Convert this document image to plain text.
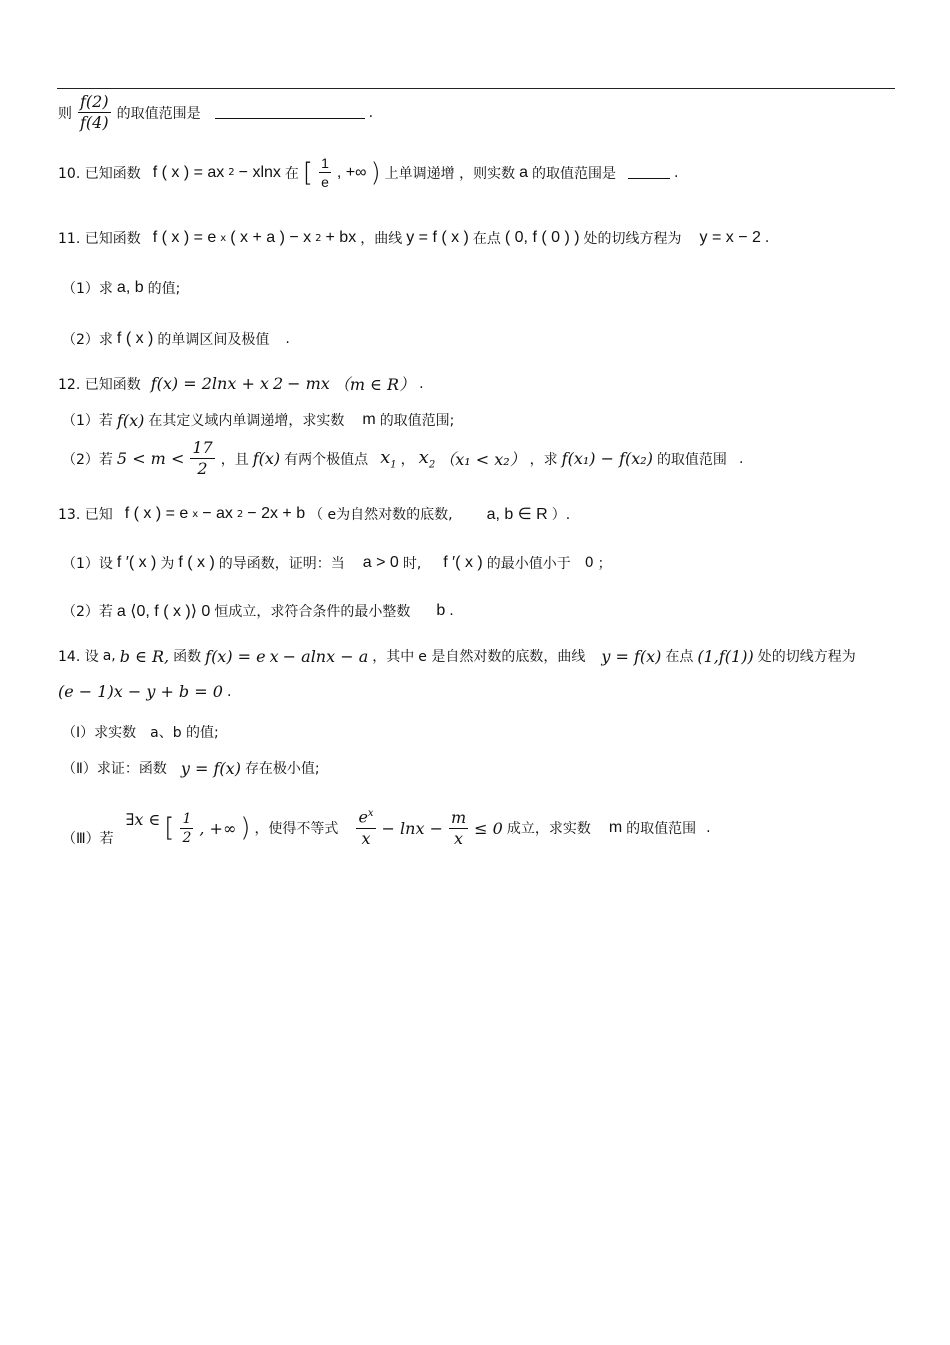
则 $\frac{f(2)}{f(4)}$ 的取值范围是	.
10. 已知函数 f ( x ) = ax 2 − xlnx 在 [ $\frac{1}{e}$ , +∞ ) 上单调递增 ，则实数 a 的取值范围是	.
11. 已知函数 f ( x ) = e x ( x + a ) − x 2 + bx ，曲线 y = f ( x ) 在点 ( 0, f ( 0 ) ) 处的切线方程为 y = x − 2 .
（1）求 a, b 的值;
（2）求 f ( x ) 的单调区间及极值 .
12. 已知函数 f(x) = 2lnx + x 2 − mx （m ∈ R） .
（1）若 f(x) 在其定义域内单调递增，求实数 m 的取值范围;
（2）若 $5 < m < \frac{17}{2}$ ，且 f(x) 有两个极值点 $x_1$ ， $x_2$ （x₁ < x₂） ，求 f(x₁) − f(x₂) 的取值范围 .
13. 已知 f ( x ) = e x − ax 2 − 2x + b （ e为自然对数的底数, a, b ∈ R ）.
（1）设 f ′( x ) 为 f ( x ) 的导函数，证明：当 a > 0 时, f ′( x ) 的最小值小于 0 ；
（2）若 a ⟨0, f ( x )⟩ 0 恒成立，求符合条件的最小整数 b .
14. 设 a, b ∈ R, 函数 f(x) = e x − alnx − a ，其中 e 是自然对数的底数，曲线 y = f(x) 在点 (1,f(1)) 处的切线方程为
(e − 1)x − y + b = 0 .
（Ⅰ）求实数 a、b 的值;
（Ⅱ）求证：函数 y = f(x) 存在极小值;
（Ⅲ）若
∃x ∈ [ $\frac{1}{2}$ , +∞ ) ，使得不等式 $\frac{e^x}{x} - \ln x - \frac{m}{x} \le 0$ 成立，求实数 m 的取值范围 .
